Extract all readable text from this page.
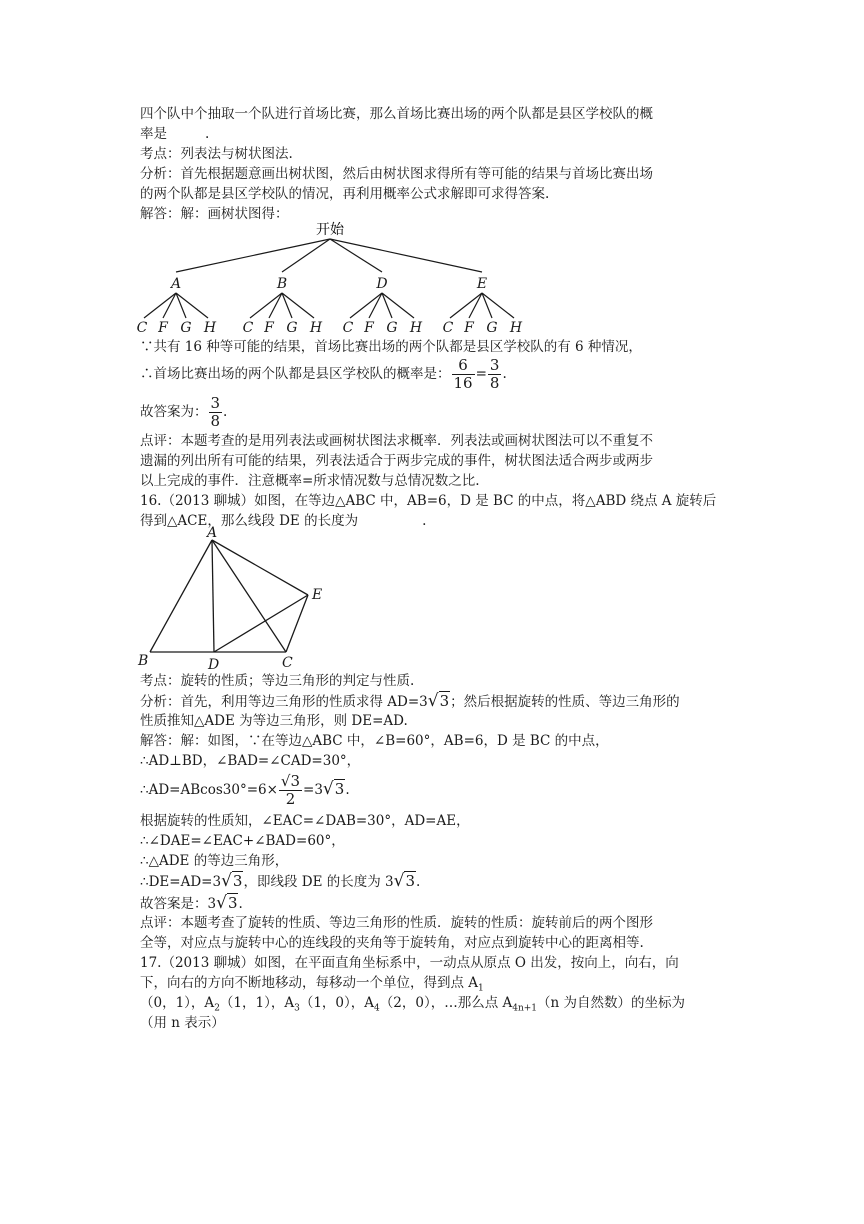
四个队中个抽取一个队进行首场比赛，那么首场比赛出场的两个队都是县区学校队的概
率是	.
考点：列表法与树状图法.
分析：首先根据题意画出树状图，然后由树状图求得所有等可能的结果与首场比赛出场
的两个队都是县区学校队的情况，再利用概率公式求解即可求得答案.
解答：解：画树状图得：
开始
A	B	D	E
C F G H C F G H C F G H C F G H
∵共有 16 种等可能的结果，首场比赛出场的两个队都是县区学校队的有 6 种情况，
∴首场比赛出场的两个队都是县区学校队的概率是： $\frac{6}{16} = \frac{3}{8}$ .
故答案为： $\frac{3}{8}$ .
点评：本题考查的是用列表法或画树状图法求概率．列表法或画树状图法可以不重复不
遗漏的列出所有可能的结果，列表法适合于两步完成的事件，树状图法适合两步或两步
以上完成的事件．注意概率=所求情况数与总情况数之比.
16.（2013 聊城）如图，在等边△ABC 中，AB=6，D 是 BC 的中点，将△ABD 绕点 A 旋转后
得到△ACE，那么线段 DE 的长度为	.
A
B	C
D
E
考点：旋转的性质；等边三角形的判定与性质.
分析：首先，利用等边三角形的性质求得 AD=3√3；然后根据旋转的性质、等边三角形的
性质推知△ADE 为等边三角形，则 DE=AD.
解答：解：如图，∵在等边△ABC 中，∠B=60°，AB=6，D 是 BC 的中点，
∴AD⊥BD，∠BAD=∠CAD=30°，
∴AD=ABcos30°=6× $\frac{√3}{2} =3√3$.
根据旋转的性质知，∠EAC=∠DAB=30°，AD=AE，
∴∠DAE=∠EAC+∠BAD=60°，
∴△ADE 的等边三角形，
∴DE=AD=3√3，即线段 DE 的长度为 3√3.
故答案是：3√3.
点评：本题考查了旋转的性质、等边三角形的性质．旋转的性质：旋转前后的两个图形
全等，对应点与旋转中心的连线段的夹角等于旋转角，对应点到旋转中心的距离相等.
17.（2013 聊城）如图，在平面直角坐标系中，一动点从原点 O 出发，按向上，向右，向
下，向右的方向不断地移动，每移动一个单位，得到点 $A_1$
（0，1），$A_2(1$，1），$A_3(1$，0），$A_4(2$，0），…那么点 $A_{4n+1}(n$ 为自然数）的坐标为
（用 n 表示）
